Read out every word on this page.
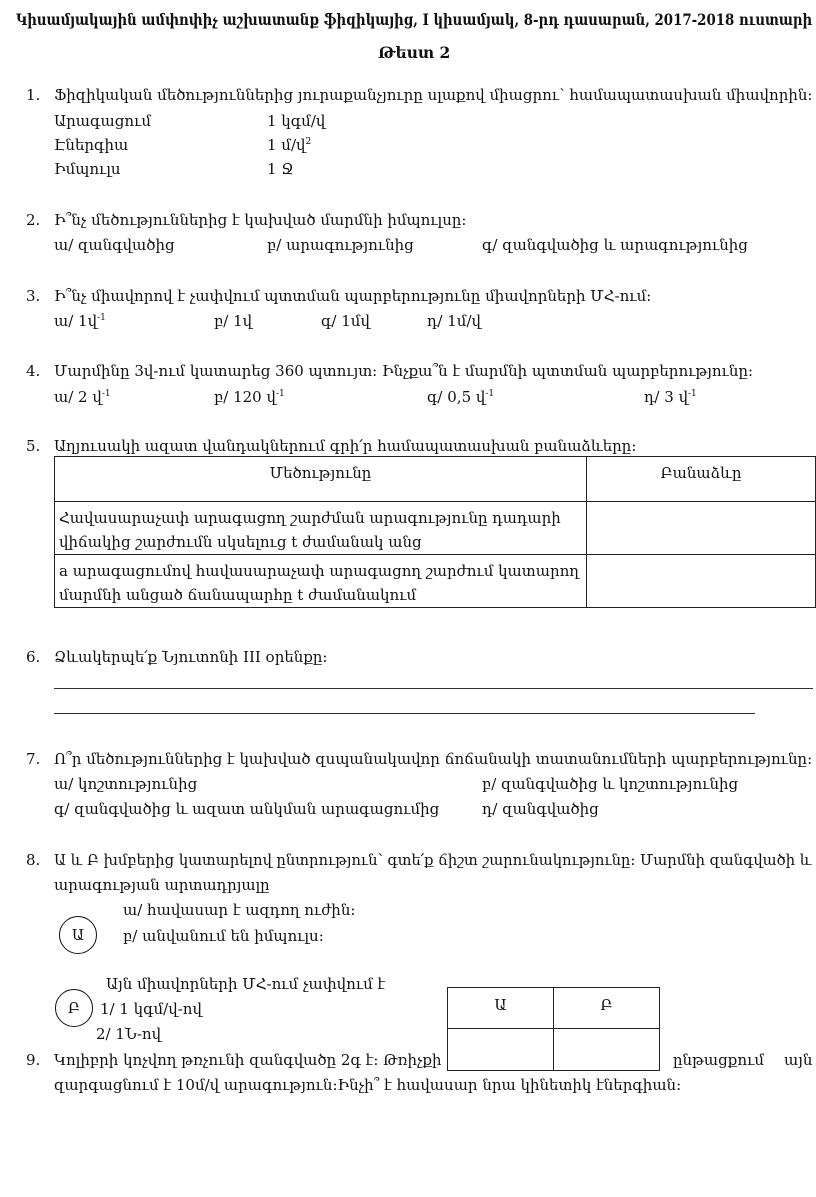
Կիսամյակային ամփոփիչ աշխատանք ֆիզիկայից, I կիսամյակ, 8-րդ դասարան, 2017-2018 ուստարի
Թեստ 2
1. Ֆիզիկական մեծություններից յուրաքանչյուրը սլաքով միացրու՝ համապատասխան միավորին:
Արագացում	1 կգմ/վ
Էներգիա	1 մ/վ$^2$
Իմպուլս	1 Ջ
2. Ի՞նչ մեծություններից է կախված մարմնի իմպուլսը:
ա/ զանգվածից	բ/ արագությունից	գ/ զանգվածից և արագությունից
3. Ի՞նչ միավորով է չափվում պտտման պարբերությունը միավորների ՄՀ-ում:
ա/ 1վ$^{-1}$	բ/ 1վ	գ/ 1մվ	դ/ 1մ/վ
4. Մարմինը 3վ-ում կատարեց 360 պտույտ: Ինչքա՞ն է մարմնի պտտման պարբերությունը:
ա/ 2 վ$^{-1}$	բ/ 120 վ$^{-1}$	գ/ 0,5 վ$^{-1}$	դ/ 3 վ$^{-1}$
5. Աղյուսակի ազատ վանդակներում գրի՛ր համապատասխան բանաձևերը:
Մեծությունը	Բանաձևը
Հավասարաչափ արագացող շարժման արագությունը դադարի
վիճակից շարժումն սկսելուց t ժամանակ անց	
a արագացումով հավասարաչափ արագացող շարժում կատարող
մարմնի անցած ճանապարհը t ժամանակում	
6. Ձևակերպե՛ք Նյուտոնի III օրենքը:
7. Ո՞ր մեծություններից է կախված զսպանակավոր ճոճանակի տատանումների պարբերությունը:
ա/ կոշտությունից	բ/ զանգվածից և կոշտությունից
գ/ զանգվածից և ազատ անկման արագացումից	դ/ զանգվածից
8. Ա և Բ խմբերից կատարելով ընտրություն՝ գտե՛ք ճիշտ շարունակությունը: Մարմնի զանգվածի և
արագության արտադրյալը
Ա
ա/ հավասար է ազդող ուժին:
բ/ անվանում են իմպուլս:
Այն միավորների ՄՀ-ում չափվում է
Բ	1/ 1 կգմ/վ-ով
2/ 1Ն-ով
Ա	Բ

9. Կոլիբրի կոչվող թռչունի զանգվածը 2գ է: Թռիչքի	ընթացքում այն
զարգացնում է 10մ/վ արագություն:Ինչի՞ է հավասար նրա կինետիկ էներգիան:
